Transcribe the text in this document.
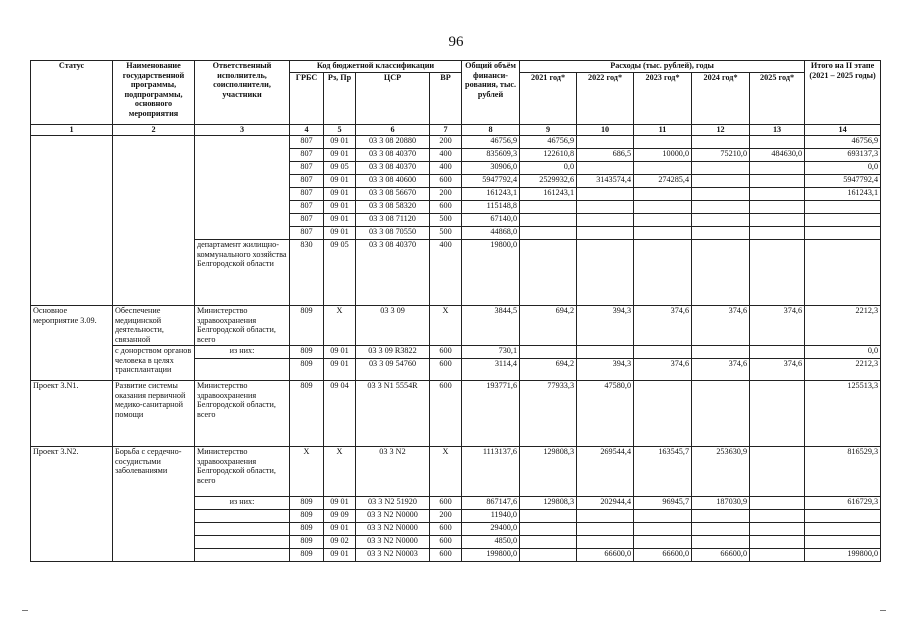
96
Статус	Наименование государственной программы, подпрограммы, основного мероприятия	Ответственный исполнитель, соисполнители, участники	Код бюджетной классификации				Общий объём финанси-рования, тыс. рублей	Расходы (тыс. рублей), годы					Итого на II этапе (2021 – 2025 годы)
			ГРБС	Рз, Пр	ЦСР	ВР		2021 год*	2022 год*	2023 год*	2024 год*	2025 год*	
1	2	3	4	5	6	7	8	9	10	11	12	13	14
			807	09 01	03 3 08 20880	200	46756,9	46756,9					46756,9
			807	09 01	03 3 08 40370	400	835609,3	122610,8	686,5	10000,0	75210,0	484630,0	693137,3
			807	09 05	03 3 08 40370	400	30906,0	0,0					0,0
			807	09 01	03 3 08 40600	600	5947792,4	2529932,6	3143574,4	274285,4			5947792,4
			807	09 01	03 3 08 56670	200	161243,1	161243,1					161243,1
			807	09 01	03 3 08 58320	600	115148,8						
			807	09 01	03 3 08 71120	500	67140,0						
			807	09 01	03 3 08 70550	500	44868,0						
		департамент жилищно-коммунального хозяйства Белгородской области	830	09 05	03 3 08 40370	400	19800,0						
Основное мероприятие 3.09.	Обеспечение медицинской деятельности, связанной	Министерство здравоохранения Белгородской области, всего	809	X	03 3 09	X	3844,5	694,2	394,3	374,6	374,6	374,6	2212,3
	с донорством органов человека в целях трансплантации	из них:	809	09 01	03 3 09 R3822	600	730,1						0,0
			809	09 01	03 3 09 54760	600	3114,4	694,2	394,3	374,6	374,6	374,6	2212,3
Проект 3.N1.	Развитие системы оказания первичной медико-санитарной помощи	Министерство здравоохранения Белгородской области, всего	809	09 04	03 3 N1 5554R	600	193771,6	77933,3	47580,0				125513,3
Проект 3.N2.	Борьба с сердечно-сосудистыми заболеваниями	Министерство здравоохранения Белгородской области, всего	X	X	03 3 N2	X	1113137,6	129808,3	269544,4	163545,7	253630,9		816529,3
		из них:	809	09 01	03 3 N2 51920	600	867147,6	129808,3	202944,4	96945,7	187030,9		616729,3
			809	09 09	03 3 N2 N0000	200	11940,0						
			809	09 01	03 3 N2 N0000	600	29400,0						
			809	09 02	03 3 N2 N0000	600	4850,0						
			809	09 01	03 3 N2 N0003	600	199800,0		66600,0	66600,0	66600,0		199800,0
